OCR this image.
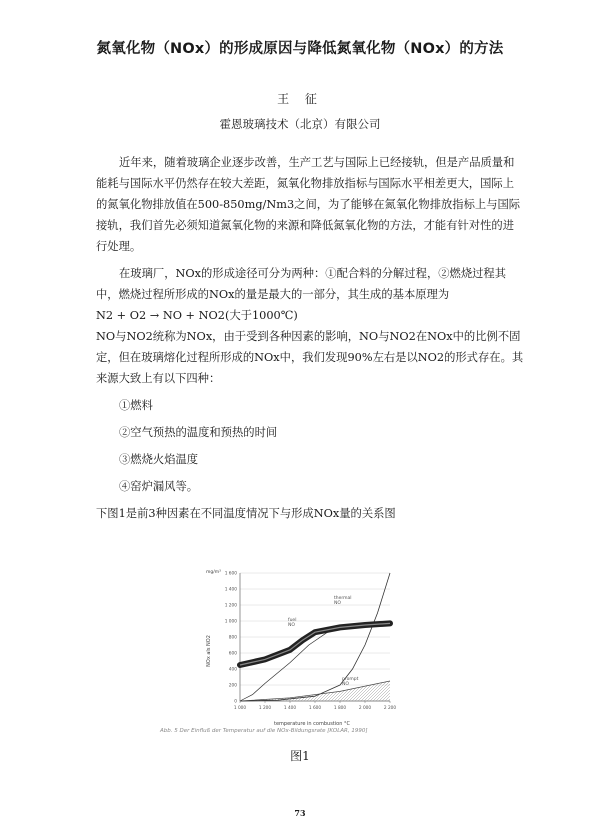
氮氧化物（NOx）的形成原因与降低氮氧化物（NOx）的方法
王 征
霍恩玻璃技术（北京）有限公司

近年来，随着玻璃企业逐步改善，生产工艺与国际上已经接轨，但是产品质量和能耗与国际水平仍然存在较大差距，氮氧化物排放指标与国际水平相差更大，国际上的氮氧化物排放值在500-850mg/Nm3之间，为了能够在氮氧化物排放指标上与国际接轨，我们首先必须知道氮氧化物的来源和降低氮氧化物的方法，才能有针对性的进行处理。

在玻璃厂，NOx的形成途径可分为两种：①配合料的分解过程，②燃烧过程其中，燃烧过程所形成的NOx的量是最大的一部分，其生成的基本原理为

N2 + O2 → NO + NO2(大于1000℃)

NO与NO2统称为NOx，由于受到各种因素的影响，NO与NO2在NOx中的比例不固定，但在玻璃熔化过程所形成的NOx中，我们发现90%左右是以NO2的形式存在。其来源大致上有以下四种：

①燃料

②空气预热的温度和预热的时间

③燃烧火焰温度

④窑炉漏风等。

下图1是前3种因素在不同温度情况下与形成NOx量的关系图

0
200
400
600
800
1 000
1 200
1 400
1 600
1 000	1 200	1 400	1 600	1 800	2 000	2 200
mg/m³
NOx als NO2
temperature in combustion °C
thermal
NO
fuel
NO
prompt
NO
Abb. 5 Der Einfluß der Temperatur auf die NOx-Bildungsrate [KOLAR, 1990]
图1
73
